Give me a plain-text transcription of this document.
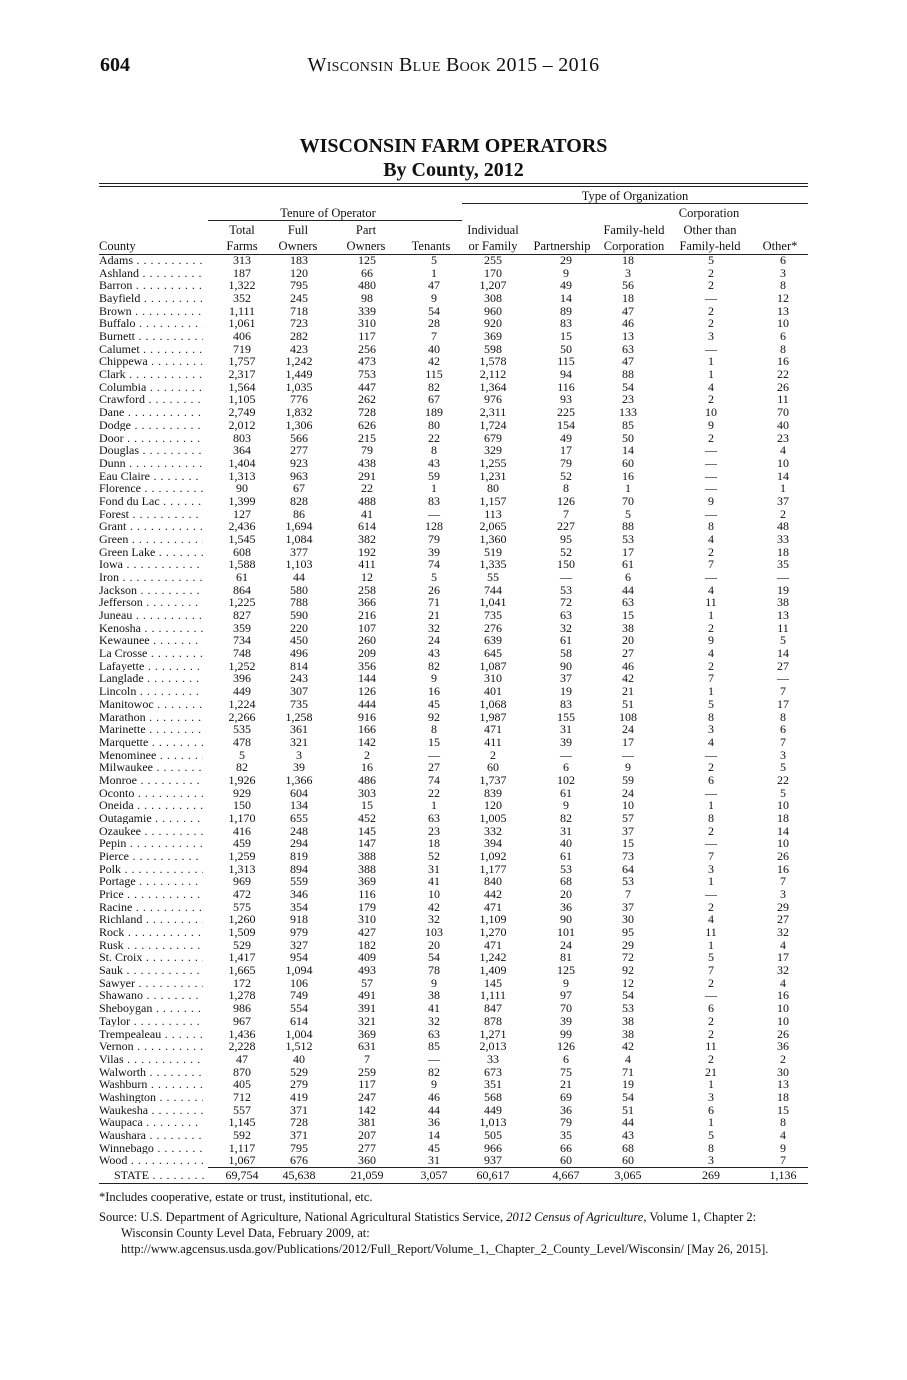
604	Wisconsin Blue Book 2015 – 2016
WISCONSIN FARM OPERATORS
By County, 2012
Type of Organization
Tenure of Operator	Corporation
Total	Full	Part	Individual	Family-held	Other than
County	Farms	Owners	Owners	Tenants	or Family	Partnership	Corporation	Family-held	Other*
Adams . . .	313	183	125	5	255	29	18	5	6
Ashland . . .	187	120	66	1	170	9	3	2	3
Barron . . .	1,322	795	480	47	1,207	49	56	2	8
Bayfield . . .	352	245	98	9	308	14	18	—	12
Brown . . .	1,111	718	339	54	960	89	47	2	13
Buffalo . . .	1,061	723	310	28	920	83	46	2	10
Burnett . . .	406	282	117	7	369	15	13	3	6
Calumet . . .	719	423	256	40	598	50	63	—	8
Chippewa . . .	1,757	1,242	473	42	1,578	115	47	1	16
Clark . . .	2,317	1,449	753	115	2,112	94	88	1	22
Columbia . . .	1,564	1,035	447	82	1,364	116	54	4	26
Crawford . . .	1,105	776	262	67	976	93	23	2	11
Dane . . .	2,749	1,832	728	189	2,311	225	133	10	70
Dodge . . .	2,012	1,306	626	80	1,724	154	85	9	40
Door . . .	803	566	215	22	679	49	50	2	23
Douglas . . .	364	277	79	8	329	17	14	—	4
Dunn . . .	1,404	923	438	43	1,255	79	60	—	10
Eau Claire . . .	1,313	963	291	59	1,231	52	16	—	14
Florence . . .	90	67	22	1	80	8	1	—	1
Fond du Lac . . .	1,399	828	488	83	1,157	126	70	9	37
Forest . . .	127	86	41	—	113	7	5	—	2
Grant . . .	2,436	1,694	614	128	2,065	227	88	8	48
Green . . .	1,545	1,084	382	79	1,360	95	53	4	33
Green Lake . . .	608	377	192	39	519	52	17	2	18
Iowa . . .	1,588	1,103	411	74	1,335	150	61	7	35
Iron . . .	61	44	12	5	55	—	6	—	—
Jackson . . .	864	580	258	26	744	53	44	4	19
Jefferson . . .	1,225	788	366	71	1,041	72	63	11	38
Juneau . . .	827	590	216	21	735	63	15	1	13
Kenosha . . .	359	220	107	32	276	32	38	2	11
Kewaunee . . .	734	450	260	24	639	61	20	9	5
La Crosse . . .	748	496	209	43	645	58	27	4	14
Lafayette . . .	1,252	814	356	82	1,087	90	46	2	27
Langlade . . .	396	243	144	9	310	37	42	7	—
Lincoln . . .	449	307	126	16	401	19	21	1	7
Manitowoc . . .	1,224	735	444	45	1,068	83	51	5	17
Marathon . . .	2,266	1,258	916	92	1,987	155	108	8	8
Marinette . . .	535	361	166	8	471	31	24	3	6
Marquette . . .	478	321	142	15	411	39	17	4	7
Menominee . . .	5	3	2	—	2	—	—	—	3
Milwaukee . . .	82	39	16	27	60	6	9	2	5
Monroe . . .	1,926	1,366	486	74	1,737	102	59	6	22
Oconto . . .	929	604	303	22	839	61	24	—	5
Oneida . . .	150	134	15	1	120	9	10	1	10
Outagamie . . .	1,170	655	452	63	1,005	82	57	8	18
Ozaukee . . .	416	248	145	23	332	31	37	2	14
Pepin . . .	459	294	147	18	394	40	15	—	10
Pierce . . .	1,259	819	388	52	1,092	61	73	7	26
Polk . . .	1,313	894	388	31	1,177	53	64	3	16
Portage . . .	969	559	369	41	840	68	53	1	7
Price . . .	472	346	116	10	442	20	7	—	3
Racine . . .	575	354	179	42	471	36	37	2	29
Richland . . .	1,260	918	310	32	1,109	90	30	4	27
Rock . . .	1,509	979	427	103	1,270	101	95	11	32
Rusk . . .	529	327	182	20	471	24	29	1	4
St. Croix . . .	1,417	954	409	54	1,242	81	72	5	17
Sauk . . .	1,665	1,094	493	78	1,409	125	92	7	32
Sawyer . . .	172	106	57	9	145	9	12	2	4
Shawano . . .	1,278	749	491	38	1,111	97	54	—	16
Sheboygan . . .	986	554	391	41	847	70	53	6	10
Taylor . . .	967	614	321	32	878	39	38	2	10
Trempealeau . . .	1,436	1,004	369	63	1,271	99	38	2	26
Vernon . . .	2,228	1,512	631	85	2,013	126	42	11	36
Vilas . . .	47	40	7	—	33	6	4	2	2
Walworth . . .	870	529	259	82	673	75	71	21	30
Washburn . . .	405	279	117	9	351	21	19	1	13
Washington . . .	712	419	247	46	568	69	54	3	18
Waukesha . . .	557	371	142	44	449	36	51	6	15
Waupaca . . .	1,145	728	381	36	1,013	79	44	1	8
Waushara . . .	592	371	207	14	505	35	43	5	4
Winnebago . . .	1,117	795	277	45	966	66	68	8	9
Wood . . .	1,067	676	360	31	937	60	60	3	7
STATE . . .	69,754	45,638	21,059	3,057	60,617	4,667	3,065	269	1,136
*Includes cooperative, estate or trust, institutional, etc.
Source: U.S. Department of Agriculture, National Agricultural Statistics Service, 2012 Census of Agriculture, Volume 1, Chapter 2: Wisconsin County Level Data, February 2009, at: http://www.agcensus.usda.gov/Publications/2012/Full_Report/Volume_1,_Chapter_2_County_Level/Wisconsin/ [May 26, 2015].
